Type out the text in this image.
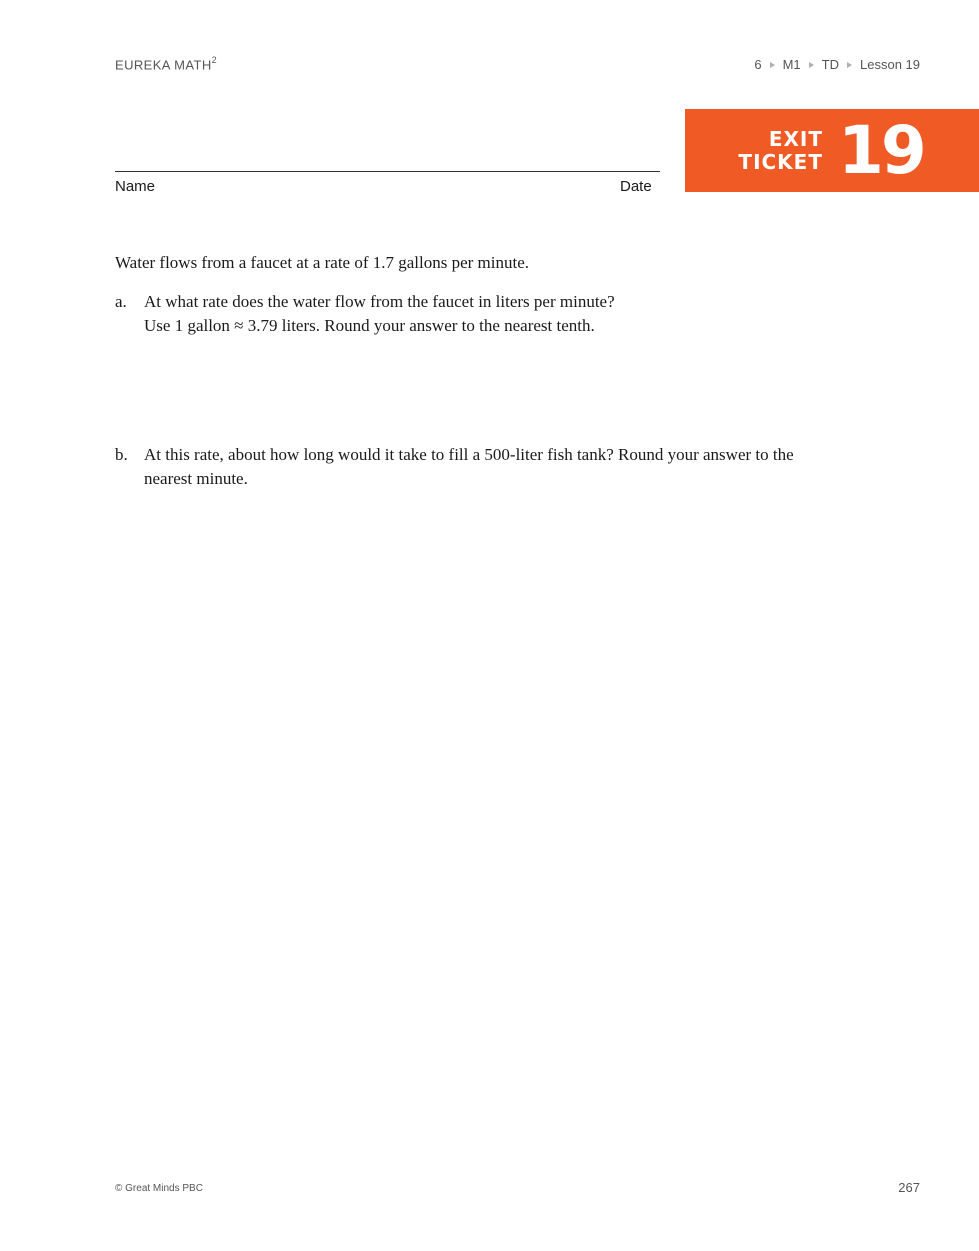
EUREKA MATH$^2$	6 M1 TD Lesson 19
EXIT
TICKET 19
Name	Date
Water flows from a faucet at a rate of 1.7 gallons per minute.
a. At what rate does the water flow from the faucet in liters per minute?
Use 1 gallon ≈ 3.79 liters. Round your answer to the nearest tenth.
b. At this rate, about how long would it take to fill a 500-liter fish tank? Round your answer to the
nearest minute.
© Great Minds PBC	267
